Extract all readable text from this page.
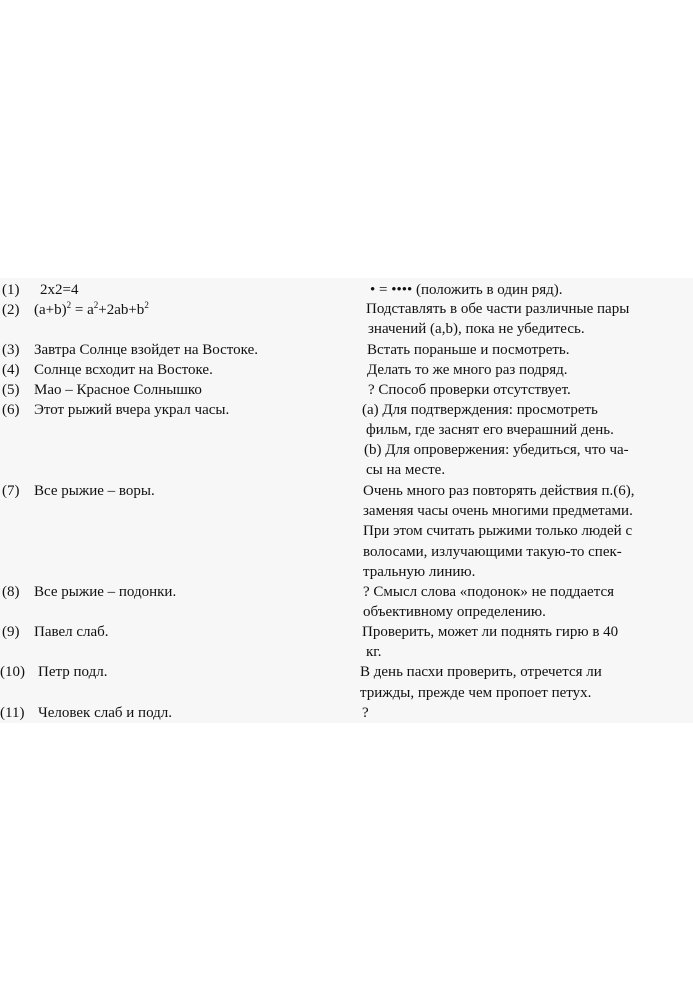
(1) 2x2=4	• = •••• (положить в один ряд).
(2) $(a+b)^2 = a^2+2ab+b^2$	Подставлять в обе части различные пары
значений (a,b), пока не убедитесь.
(3) Завтра Солнце взойдет на Востоке.	Встать пораньше и посмотреть.
(4) Солнце всходит на Востоке.	Делать то же много раз подряд.
(5) Мао – Красное Солнышко	? Способ проверки отсутствует.
(6) Этот рыжий вчера украл часы.	(a) Для подтверждения: просмотреть
фильм, где заснят его вчерашний день.
(b) Для опровержения: убедиться, что ча-
сы на месте.
(7) Все рыжие – воры.	Очень много раз повторять действия п.(6),
заменяя часы очень многими предметами.
При этом считать рыжими только людей с
волосами, излучающими такую-то спек-
тральную линию.
(8) Все рыжие – подонки.	? Смысл слова «подонок» не поддается
объективному определению.
(9) Павел слаб.	Проверить, может ли поднять гирю в 40
кг.
(10) Петр подл.	В день пасхи проверить, отречется ли
трижды, прежде чем пропоет петух.
(11) Человек слаб и подл.	?
